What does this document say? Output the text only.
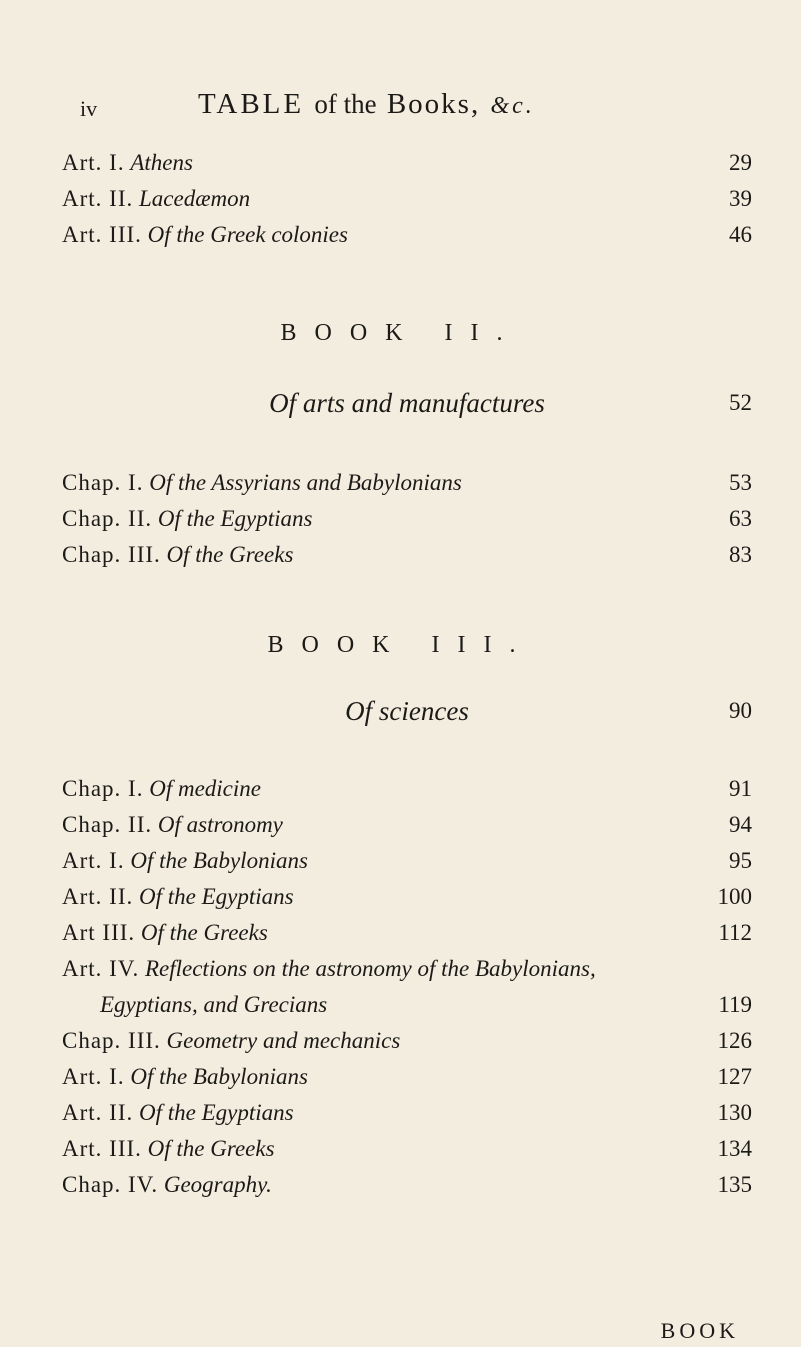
iv	TABLE of the Books, &c.
Art. I. Athens	29
Art. II. Lacedæmon	39
Art. III. Of the Greek colonies	46
BOOK II.
Of arts and manufactures	52
Chap. I. Of the Assyrians and Babylonians	53
Chap. II. Of the Egyptians	63
Chap. III. Of the Greeks	83
BOOK III.
Of sciences	90
Chap. I. Of medicine	91
Chap. II. Of astronomy	94
Art. I. Of the Babylonians	95
Art. II. Of the Egyptians	100
Art III. Of the Greeks	112
Art. IV. Reflections on the astronomy of the Babylonians,
Egyptians, and Grecians	119
Chap. III. Geometry and mechanics	126
Art. I. Of the Babylonians	127
Art. II. Of the Egyptians	130
Art. III. Of the Greeks	134
Chap. IV. Geography.	135
BOOK
